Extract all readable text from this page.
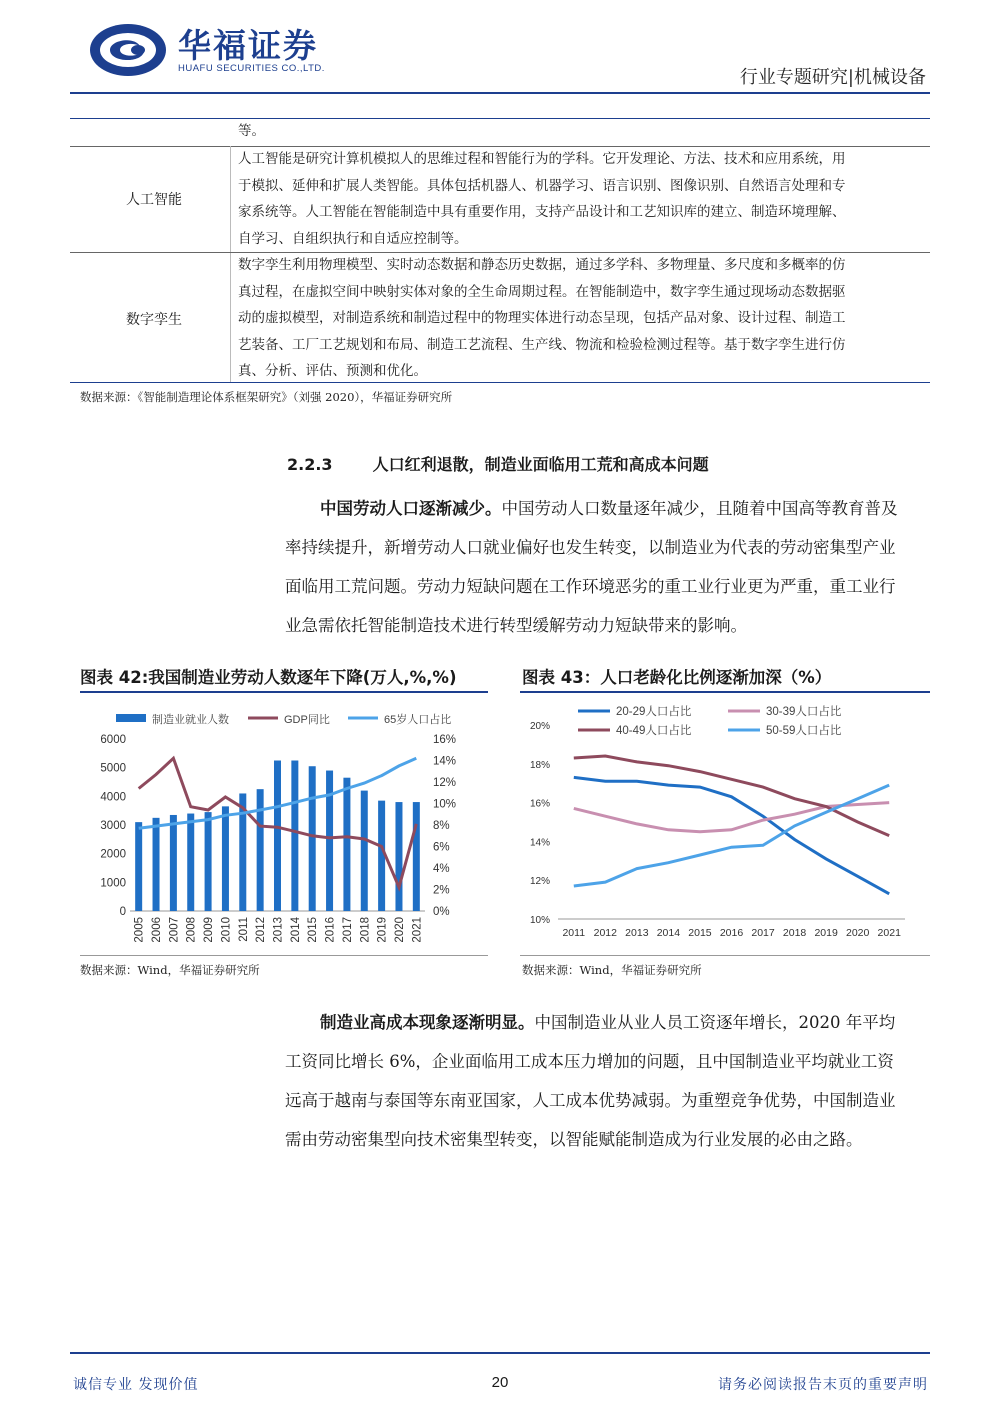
华福证券
HUAFU SECURITIES CO.,LTD.	行业专题研究|机械设备
等。
人工智能
人工智能是研究计算机模拟人的思维过程和智能行为的学科。它开发理论、方法、技术和应用系统，用
于模拟、延伸和扩展人类智能。具体包括机器人、机器学习、语言识别、图像识别、自然语言处理和专
家系统等。人工智能在智能制造中具有重要作用，支持产品设计和工艺知识库的建立、制造环境理解、
自学习、自组织执行和自适应控制等。
数字孪生
数字孪生利用物理模型、实时动态数据和静态历史数据，通过多学科、多物理量、多尺度和多概率的仿
真过程，在虚拟空间中映射实体对象的全生命周期过程。在智能制造中，数字孪生通过现场动态数据驱
动的虚拟模型，对制造系统和制造过程中的物理实体进行动态呈现，包括产品对象、设计过程、制造工
艺装备、工厂工艺规划和布局、制造工艺流程、生产线、物流和检验检测过程等。基于数字孪生进行仿
真、分析、评估、预测和优化。
数据来源：《智能制造理论体系框架研究》（刘强 2020），华福证券研究所
2.2.3	人口红利退散，制造业面临用工荒和高成本问题
中国劳动人口逐渐减少。中国劳动人口数量逐年减少，且随着中国高等教育普及
率持续提升，新增劳动人口就业偏好也发生转变，以制造业为代表的劳动密集型产业
面临用工荒问题。劳动力短缺问题在工作环境恶劣的重工业行业更为严重，重工业行
业急需依托智能制造技术进行转型缓解劳动力短缺带来的影响。
图表 42:我国制造业劳动人数逐年下降(万人,%,%)
制造业就业人数	GDP同比	65岁人口占比
0
1000
2000
3000
4000
5000
6000
0%
2%
4%
6%
8%
10%
12%
14%
16%
2005 2006 2007 2008 2009 2010 2011 2012 2013 2014 2015 2016 2017 2018 2019 2020 2021
数据来源：Wind，华福证券研究所
图表 43：人口老龄化比例逐渐加深（%）
20-29人口占比	30-39人口占比
40-49人口占比	50-59人口占比
10%
12%
14%
16%
18%
20%
2011 2012 2013 2014 2015 2016 2017 2018 2019 2020 2021
数据来源：Wind，华福证券研究所
制造业高成本现象逐渐明显。中国制造业从业人员工资逐年增长，2020 年平均
工资同比增长 6%，企业面临用工成本压力增加的问题，且中国制造业平均就业工资
远高于越南与泰国等东南亚国家，人工成本优势减弱。为重塑竞争优势，中国制造业
需由劳动密集型向技术密集型转变，以智能赋能制造成为行业发展的必由之路。
诚信专业 发现价值	20	请务必阅读报告末页的重要声明
